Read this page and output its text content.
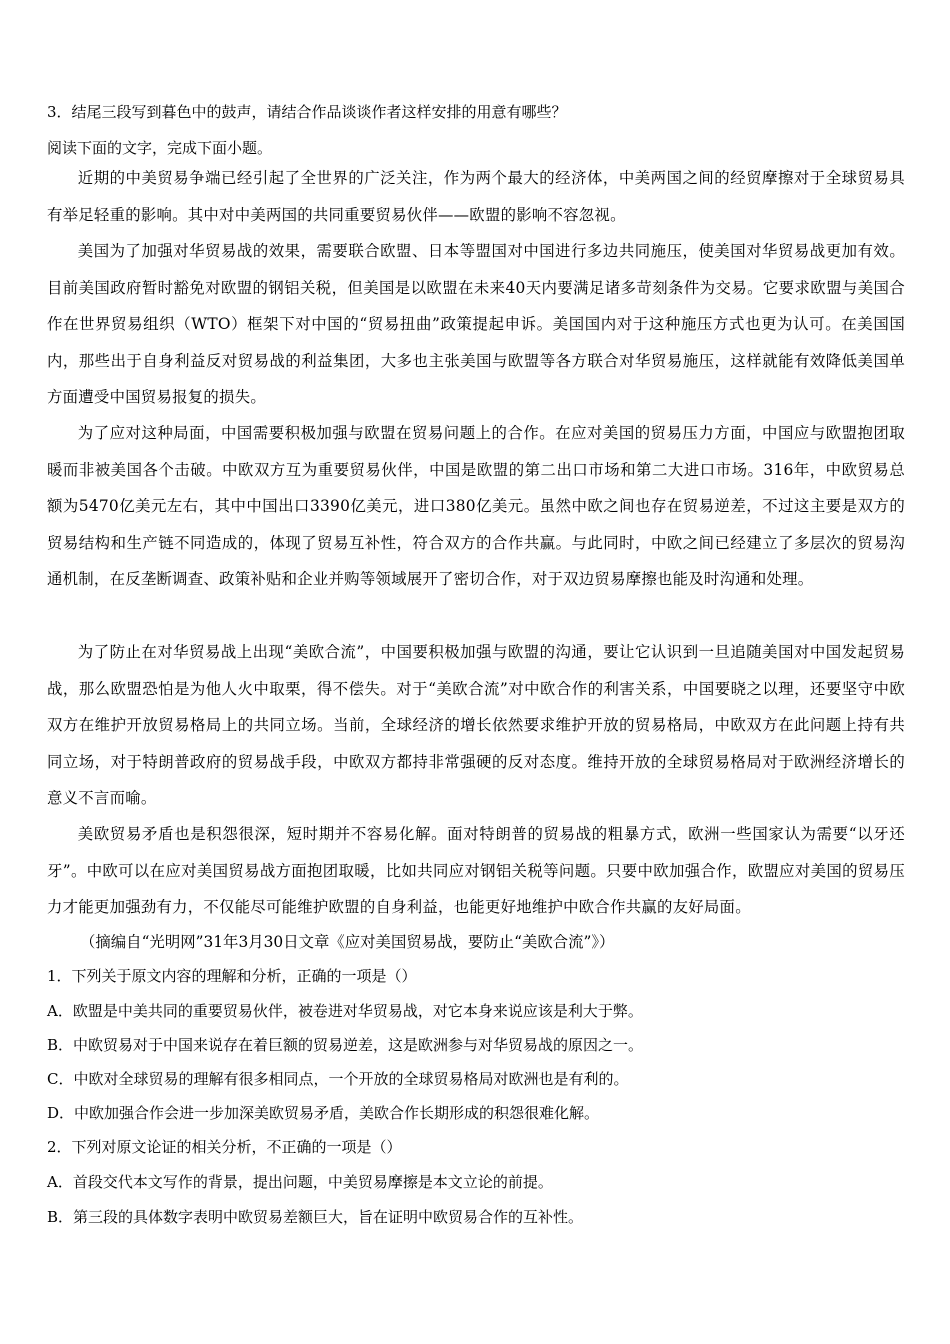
3．结尾三段写到暮色中的鼓声，请结合作品谈谈作者这样安排的用意有哪些？
阅读下面的文字，完成下面小题。
近期的中美贸易争端已经引起了全世界的广泛关注，作为两个最大的经济体，中美两国之间的经贸摩擦对于全球贸易具有举足轻重的影响。其中对中美两国的共同重要贸易伙伴——欧盟的影响不容忽视。
美国为了加强对华贸易战的效果，需要联合欧盟、日本等盟国对中国进行多边共同施压，使美国对华贸易战更加有效。目前美国政府暂时豁免对欧盟的钢铝关税，但美国是以欧盟在未来40天内要满足诸多苛刻条件为交易。它要求欧盟与美国合作在世界贸易组织（WTO）框架下对中国的“贸易扭曲”政策提起申诉。美国国内对于这种施压方式也更为认可。在美国国内，那些出于自身利益反对贸易战的利益集团，大多也主张美国与欧盟等各方联合对华贸易施压，这样就能有效降低美国单方面遭受中国贸易报复的损失。
为了应对这种局面，中国需要积极加强与欧盟在贸易问题上的合作。在应对美国的贸易压力方面，中国应与欧盟抱团取暖而非被美国各个击破。中欧双方互为重要贸易伙伴，中国是欧盟的第二出口市场和第二大进口市场。316年，中欧贸易总额为5470亿美元左右，其中中国出口3390亿美元，进口380亿美元。虽然中欧之间也存在贸易逆差，不过这主要是双方的贸易结构和生产链不同造成的，体现了贸易互补性，符合双方的合作共赢。与此同时，中欧之间已经建立了多层次的贸易沟通机制，在反垄断调查、政策补贴和企业并购等领域展开了密切合作，对于双边贸易摩擦也能及时沟通和处理。
为了防止在对华贸易战上出现“美欧合流”，中国要积极加强与欧盟的沟通，要让它认识到一旦追随美国对中国发起贸易战，那么欧盟恐怕是为他人火中取栗，得不偿失。对于“美欧合流”对中欧合作的利害关系，中国要晓之以理，还要坚守中欧双方在维护开放贸易格局上的共同立场。当前，全球经济的增长依然要求维护开放的贸易格局，中欧双方在此问题上持有共同立场，对于特朗普政府的贸易战手段，中欧双方都持非常强硬的反对态度。维持开放的全球贸易格局对于欧洲经济增长的意义不言而喻。
美欧贸易矛盾也是积怨很深，短时期并不容易化解。面对特朗普的贸易战的粗暴方式，欧洲一些国家认为需要“以牙还牙”。中欧可以在应对美国贸易战方面抱团取暖，比如共同应对钢铝关税等问题。只要中欧加强合作，欧盟应对美国的贸易压力才能更加强劲有力，不仅能尽可能维护欧盟的自身利益，也能更好地维护中欧合作共赢的友好局面。
（摘编自“光明网”31年3月30日文章《应对美国贸易战，要防止“美欧合流”》）
1．下列关于原文内容的理解和分析，正确的一项是（）
A．欧盟是中美共同的重要贸易伙伴，被卷进对华贸易战，对它本身来说应该是利大于弊。
B．中欧贸易对于中国来说存在着巨额的贸易逆差，这是欧洲参与对华贸易战的原因之一。
C．中欧对全球贸易的理解有很多相同点，一个开放的全球贸易格局对欧洲也是有利的。
D．中欧加强合作会进一步加深美欧贸易矛盾，美欧合作长期形成的积怨很难化解。
2．下列对原文论证的相关分析，不正确的一项是（）
A．首段交代本文写作的背景，提出问题，中美贸易摩擦是本文立论的前提。
B．第三段的具体数字表明中欧贸易差额巨大，旨在证明中欧贸易合作的互补性。
